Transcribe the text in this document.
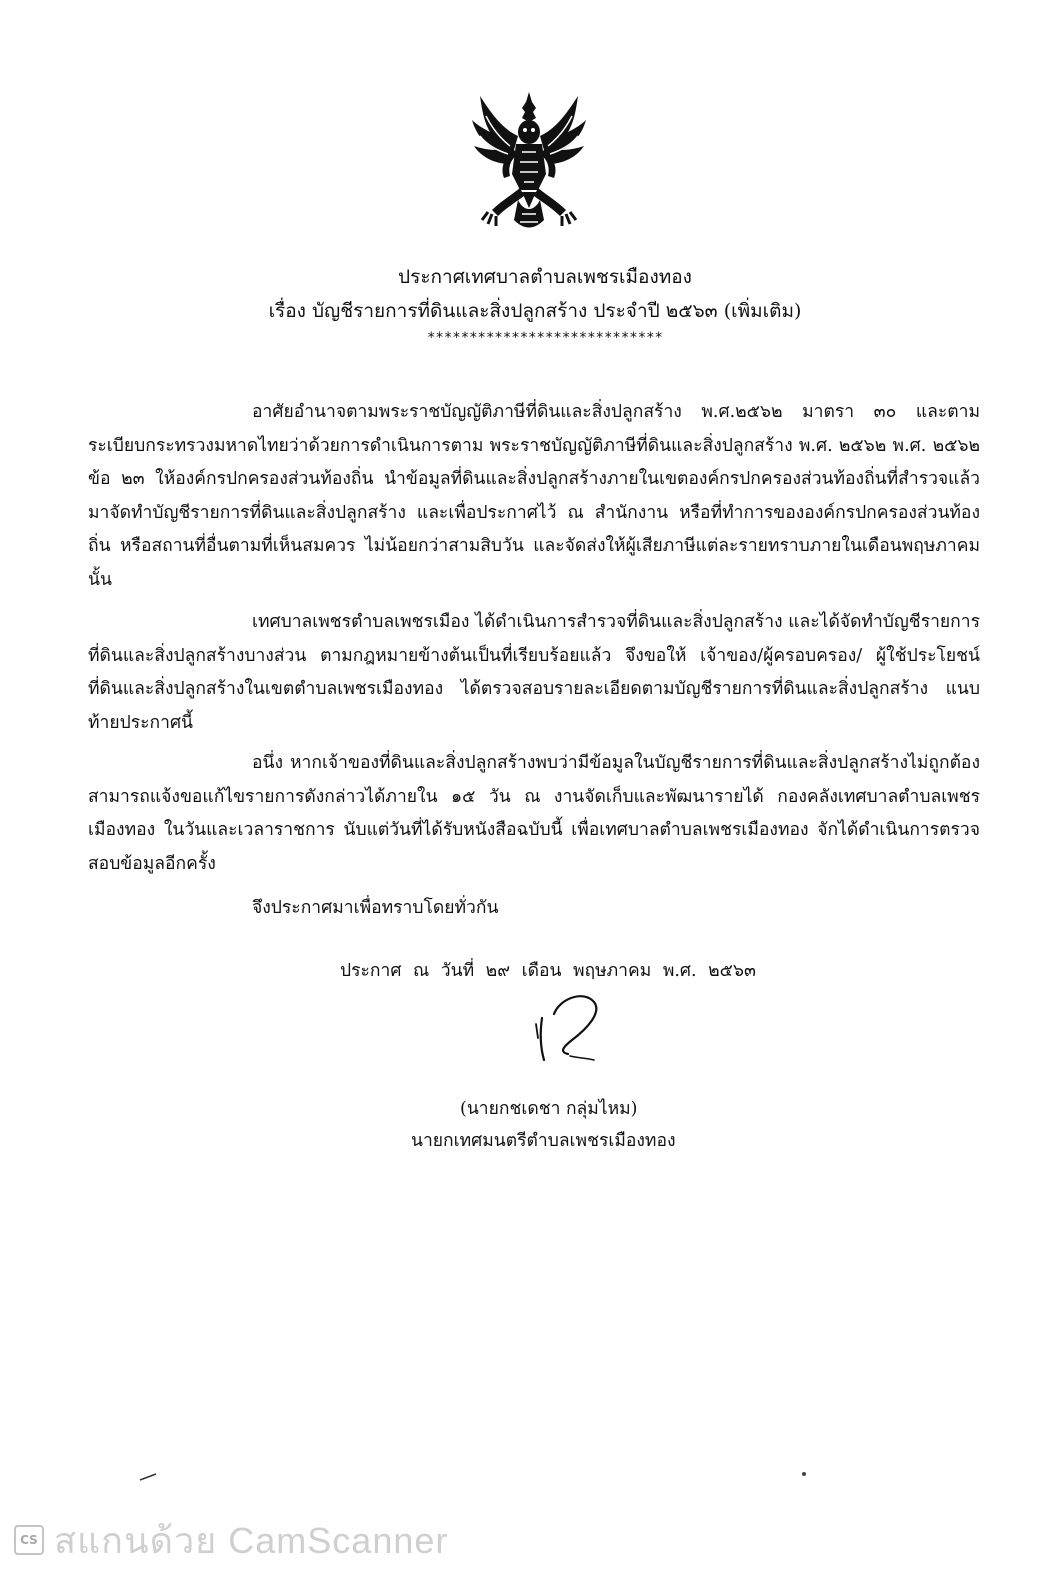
ประกาศเทศบาลตำบลเพชรเมืองทอง
เรื่อง บัญชีรายการที่ดินและสิ่งปลูกสร้าง ประจำปี ๒๕๖๓ (เพิ่มเติม)
****************************

อาศัยอำนาจตามพระราชบัญญัติภาษีที่ดินและสิ่งปลูกสร้าง พ.ศ.๒๕๖๒ มาตรา ๓๐ และตามระเบียบกระทรวงมหาดไทยว่าด้วยการดำเนินการตาม พระราชบัญญัติภาษีที่ดินและสิ่งปลูกสร้าง พ.ศ. ๒๕๖๒ พ.ศ. ๒๕๖๒ ข้อ ๒๓ ให้องค์กรปกครองส่วนท้องถิ่น นำข้อมูลที่ดินและสิ่งปลูกสร้างภายในเขตองค์กรปกครองส่วนท้องถิ่นที่สำรวจแล้ว มาจัดทำบัญชีรายการที่ดินและสิ่งปลูกสร้าง และเพื่อประกาศไว้ ณ สำนักงาน หรือที่ทำการขององค์กรปกครองส่วนท้องถิ่น หรือสถานที่อื่นตามที่เห็นสมควร ไม่น้อยกว่าสามสิบวัน และจัดส่งให้ผู้เสียภาษีแต่ละรายทราบภายในเดือนพฤษภาคม นั้น

เทศบาลเพชรตำบลเพชรเมือง ได้ดำเนินการสำรวจที่ดินและสิ่งปลูกสร้าง และได้จัดทำบัญชีรายการที่ดินและสิ่งปลูกสร้างบางส่วน ตามกฎหมายข้างต้นเป็นที่เรียบร้อยแล้ว จึงขอให้ เจ้าของ/ผู้ครอบครอง/ ผู้ใช้ประโยชน์ ที่ดินและสิ่งปลูกสร้างในเขตตำบลเพชรเมืองทอง ได้ตรวจสอบรายละเอียดตามบัญชีรายการที่ดินและสิ่งปลูกสร้าง แนบท้ายประกาศนี้

อนึ่ง หากเจ้าของที่ดินและสิ่งปลูกสร้างพบว่ามีข้อมูลในบัญชีรายการที่ดินและสิ่งปลูกสร้างไม่ถูกต้อง สามารถแจ้งขอแก้ไขรายการดังกล่าวได้ภายใน ๑๕ วัน ณ งานจัดเก็บและพัฒนารายได้ กองคลังเทศบาลตำบลเพชรเมืองทอง ในวันและเวลาราชการ นับแต่วันที่ได้รับหนังสือฉบับนี้ เพื่อเทศบาลตำบลเพชรเมืองทอง จักได้ดำเนินการตรวจสอบข้อมูลอีกครั้ง

จึงประกาศมาเพื่อทราบโดยทั่วกัน
ประกาศ ณ วันที่ ๒๙ เดือน พฤษภาคม พ.ศ. ๒๕๖๓
(นายกชเดชา กลุ่มไหม)
นายกเทศมนตรีตำบลเพชรเมืองทอง
CS สแกนด้วย CamScanner
